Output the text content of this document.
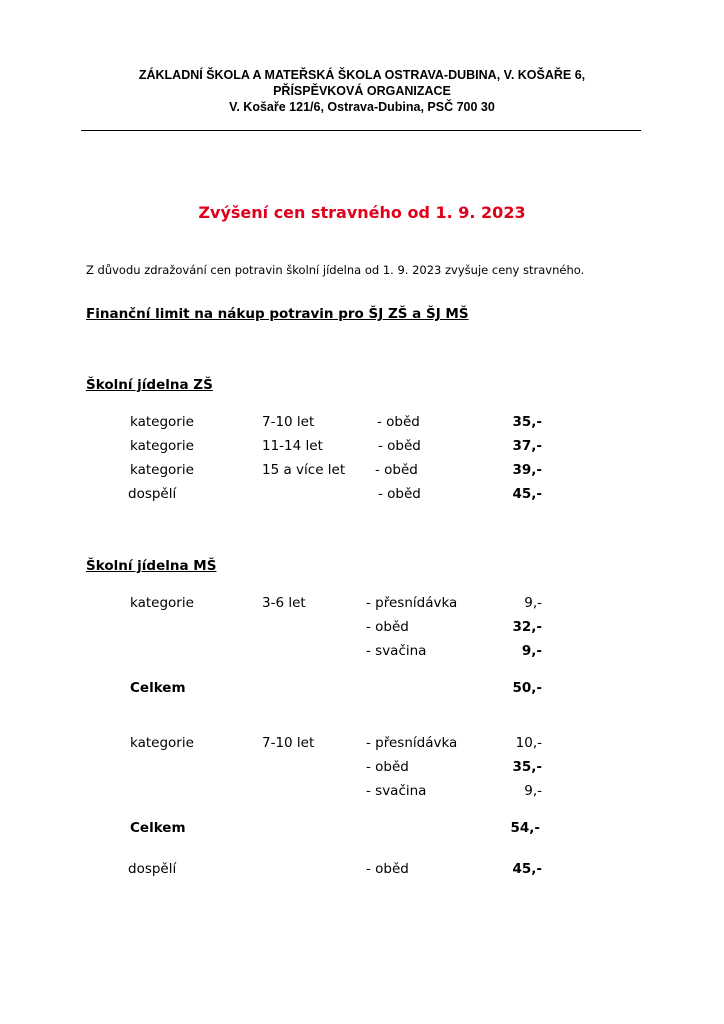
ZÁKLADNÍ ŠKOLA A MATEŘSKÁ ŠKOLA OSTRAVA-DUBINA, V. KOŠAŘE 6,
PŘÍSPĚVKOVÁ ORGANIZACE
V. Košaře 121/6, Ostrava-Dubina, PSČ 700 30
Zvýšení cen stravného od 1. 9. 2023
Z důvodu zdražování cen potravin školní jídelna od 1. 9. 2023 zvyšuje ceny stravného.
Finanční limit na nákup potravin pro ŠJ ZŠ a ŠJ MŠ
Školní jídelna ZŠ
kategorie	7-10 let	- oběd	35,-
kategorie	11-14 let	- oběd	37,-
kategorie	15 a více let - oběd	39,-
dospělí	- oběd	45,-
Školní jídelna MŠ
kategorie	3-6 let	- přesnídávka	9,-
- oběd	32,-
- svačina	9,-
Celkem	50,-
kategorie	7-10 let	- přesnídávka	10,-
- oběd	35,-
- svačina	9,-
Celkem	54,-
dospělí	- oběd	45,-
